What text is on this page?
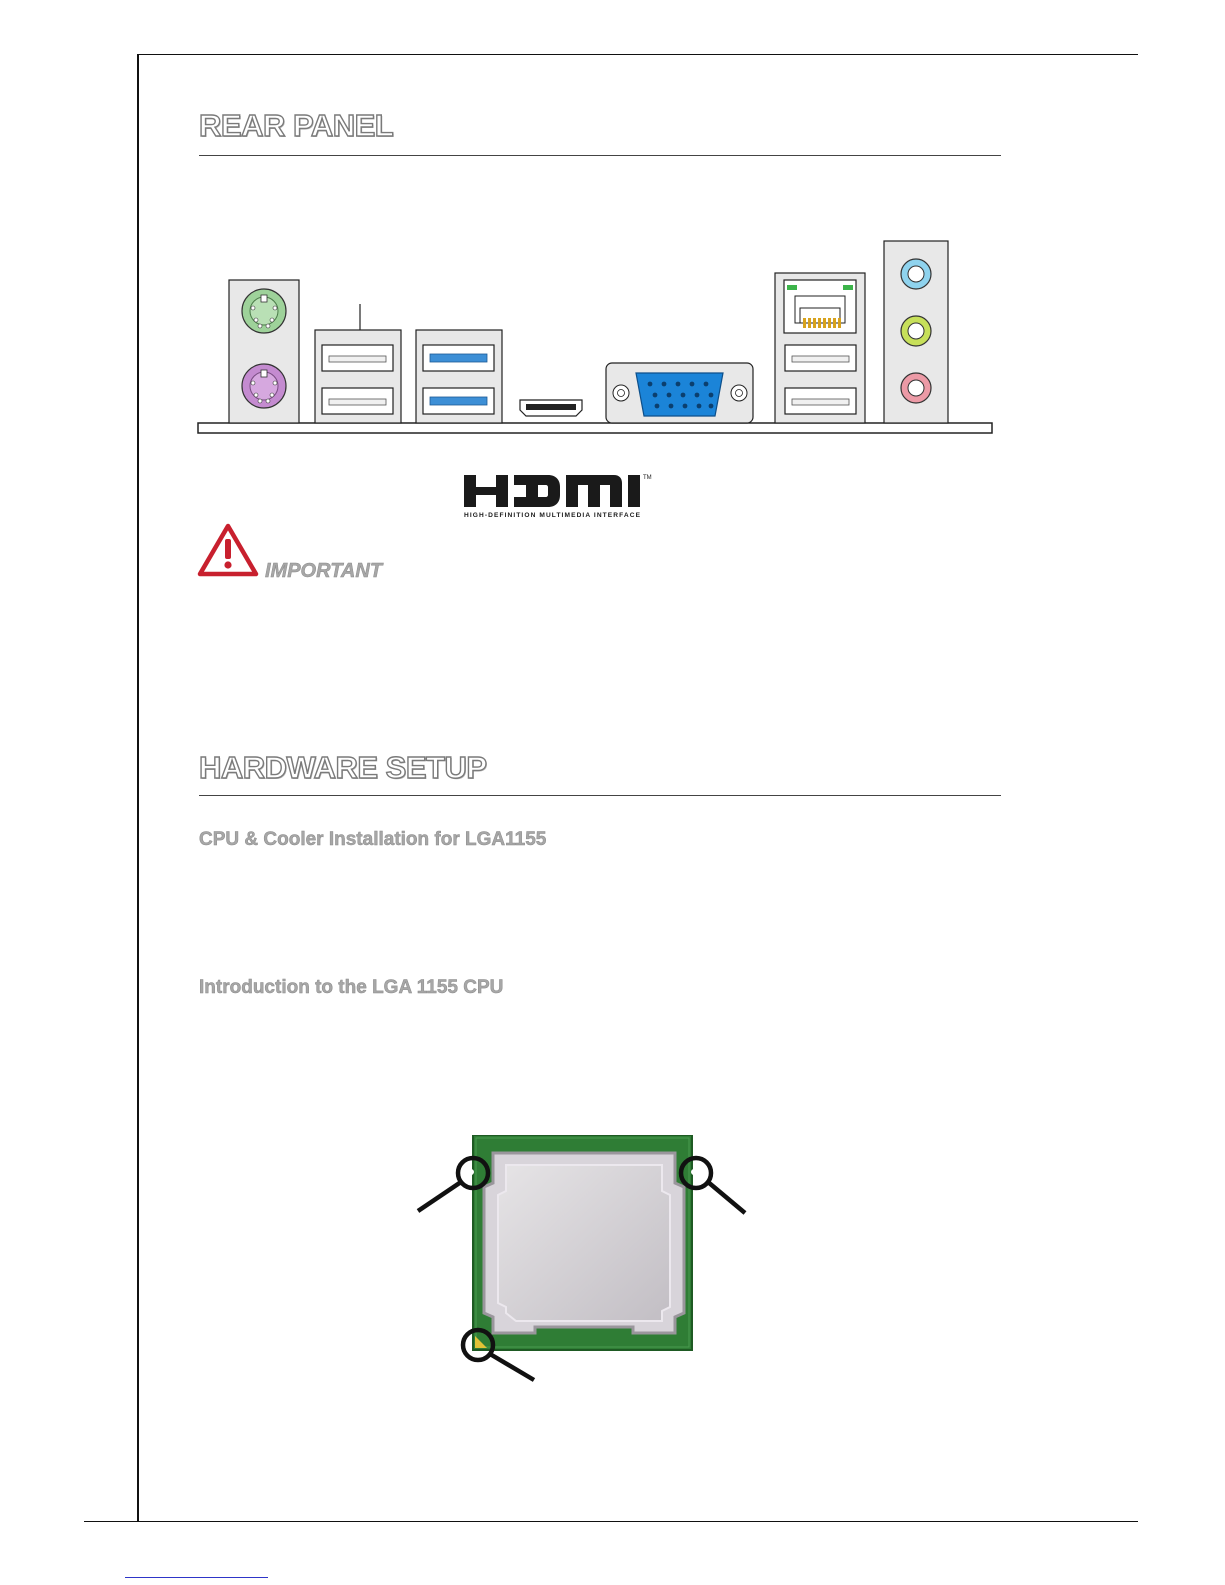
REAR PANEL
TM
HIGH-DEFINITION MULTIMEDIA INTERFACE
IMPORTANT
HARDWARE SETUP
CPU & Cooler Installation for LGA1155
Introduction to the LGA 1155 CPU
